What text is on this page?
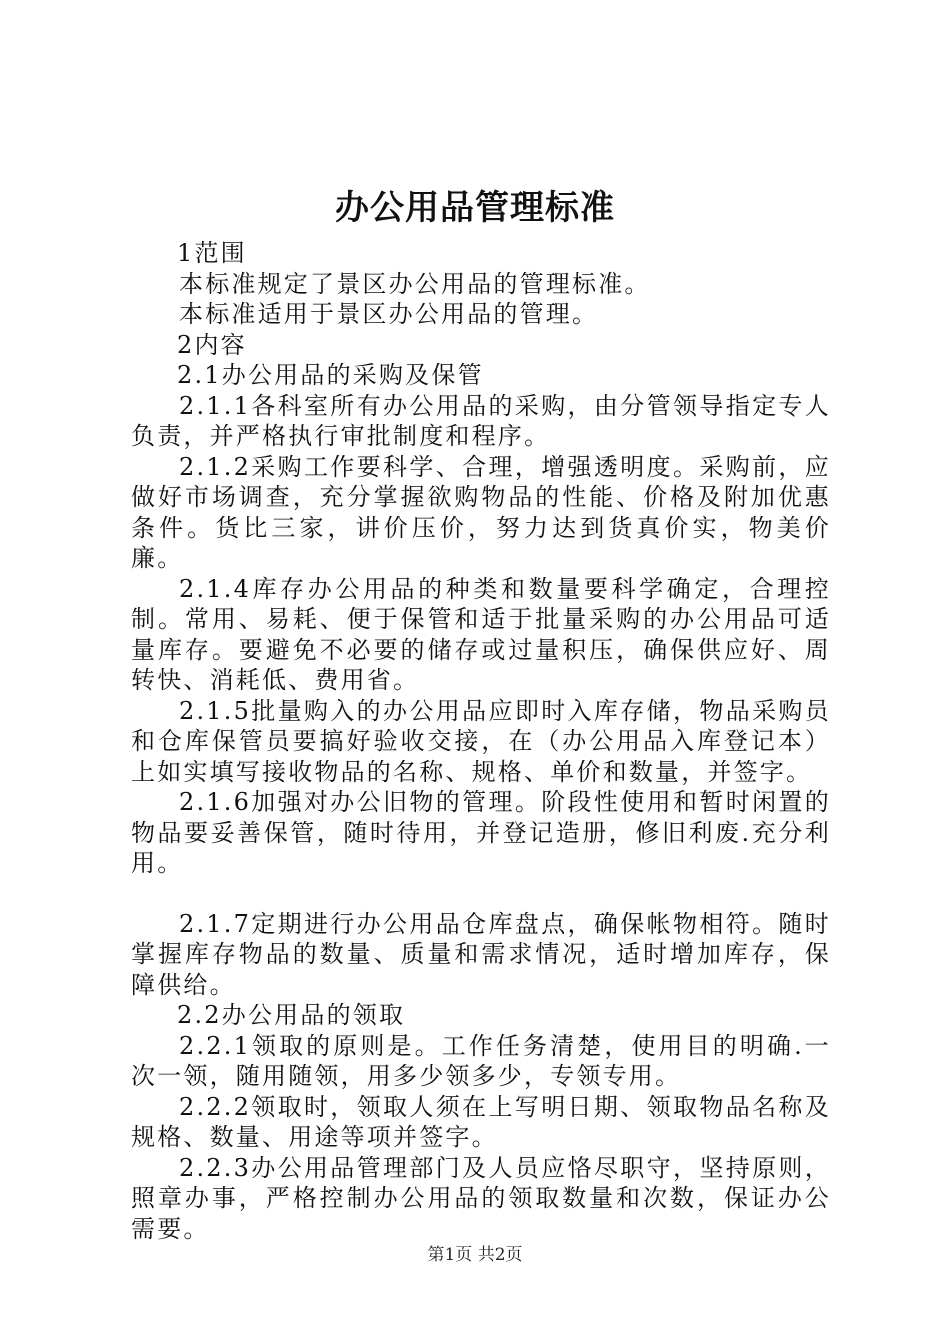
办公用品管理标准

1范围

本标准规定了景区办公用品的管理标准。

本标准适用于景区办公用品的管理。

2内容

2.1办公用品的采购及保管

2.1.1各科室所有办公用品的采购，由分管领导指定专人负责，并严格执行审批制度和程序。

2.1.2采购工作要科学、合理，增强透明度。采购前，应做好市场调查，充分掌握欲购物品的性能、价格及附加优惠条件。货比三家，讲价压价，努力达到货真价实，物美价廉。

2.1.4库存办公用品的种类和数量要科学确定，合理控制。常用、易耗、便于保管和适于批量采购的办公用品可适量库存。要避免不必要的储存或过量积压，确保供应好、周转快、消耗低、费用省。

2.1.5批量购入的办公用品应即时入库存储，物品采购员和仓库保管员要搞好验收交接，在（办公用品入库登记本）上如实填写接收物品的名称、规格、单价和数量，并签字。

2.1.6加强对办公旧物的管理。阶段性使用和暂时闲置的物品要妥善保管，随时待用，并登记造册，修旧利废.充分利用。

2.1.7定期进行办公用品仓库盘点，确保帐物相符。随时掌握库存物品的数量、质量和需求情况，适时增加库存，保障供给。

2.2办公用品的领取

2.2.1领取的原则是。工作任务清楚，使用目的明确.一次一领，随用随领，用多少领多少，专领专用。

2.2.2领取时，领取人须在上写明日期、领取物品名称及规格、数量、用途等项并签字。

2.2.3办公用品管理部门及人员应恪尽职守，坚持原则，照章办事，严格控制办公用品的领取数量和次数，保证办公需要。

第1页 共2页
